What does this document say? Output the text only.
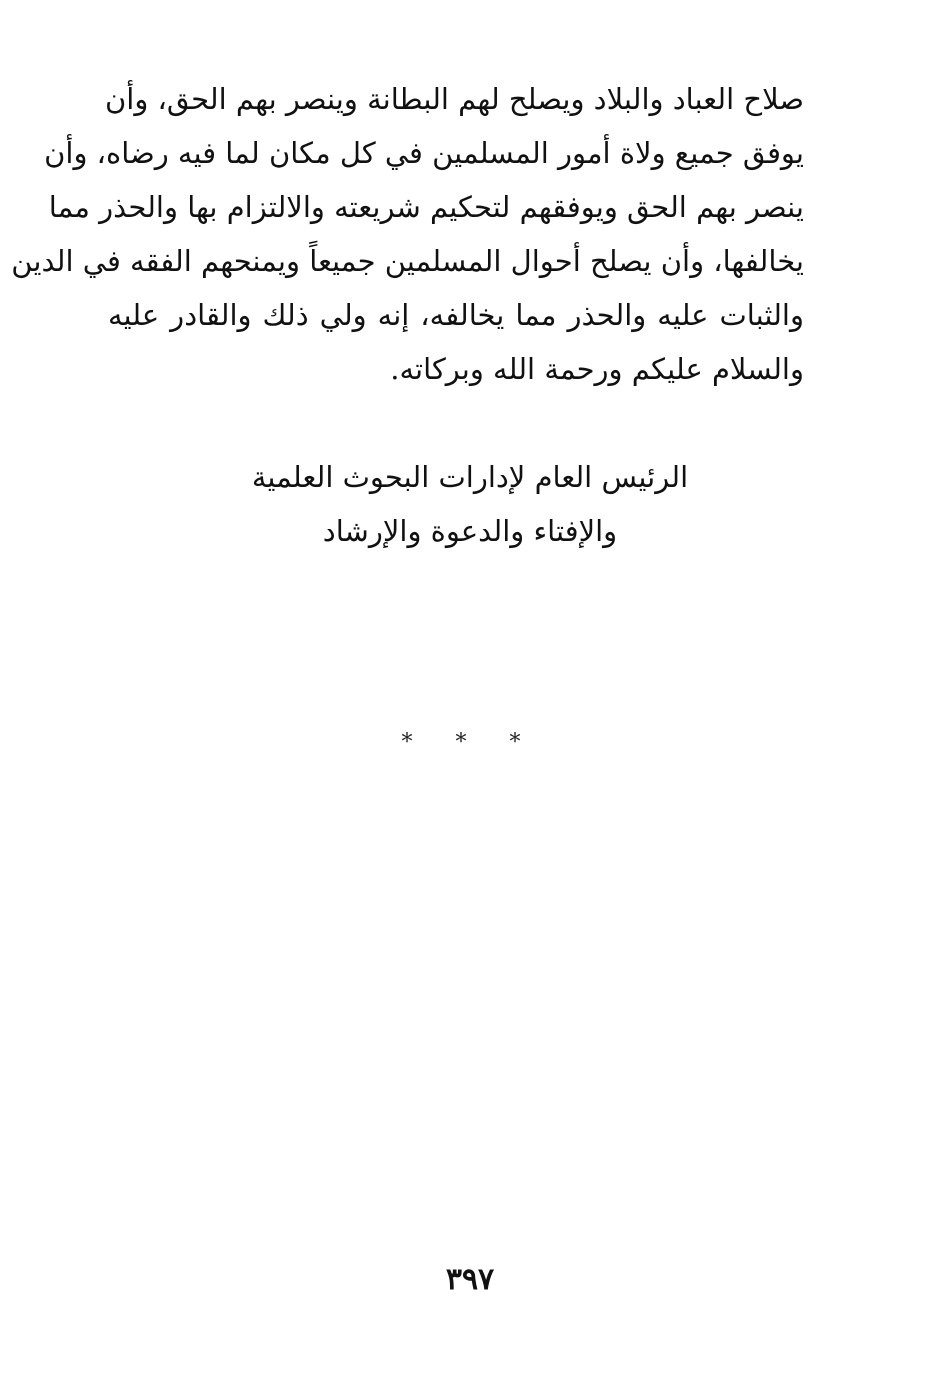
صلاح العباد والبلاد ويصلح لهم البطانة وينصر بهم الحق، وأن
يوفق جميع ولاة أمور المسلمين في كل مكان لما فيه رضاه، وأن
ينصر بهم الحق ويوفقهم لتحكيم شريعته والالتزام بها والحذر مما
يخالفها، وأن يصلح أحوال المسلمين جميعاً ويمنحهم الفقه في الدين
والثبات عليه والحذر مما يخالفه، إنه ولي ذلك والقادر عليه
والسلام عليكم ورحمة الله وبركاته.

الرئيس العام لإدارات البحوث العلمية
والإفتاء والدعوة والإرشاد
* * *
٣٩٧
